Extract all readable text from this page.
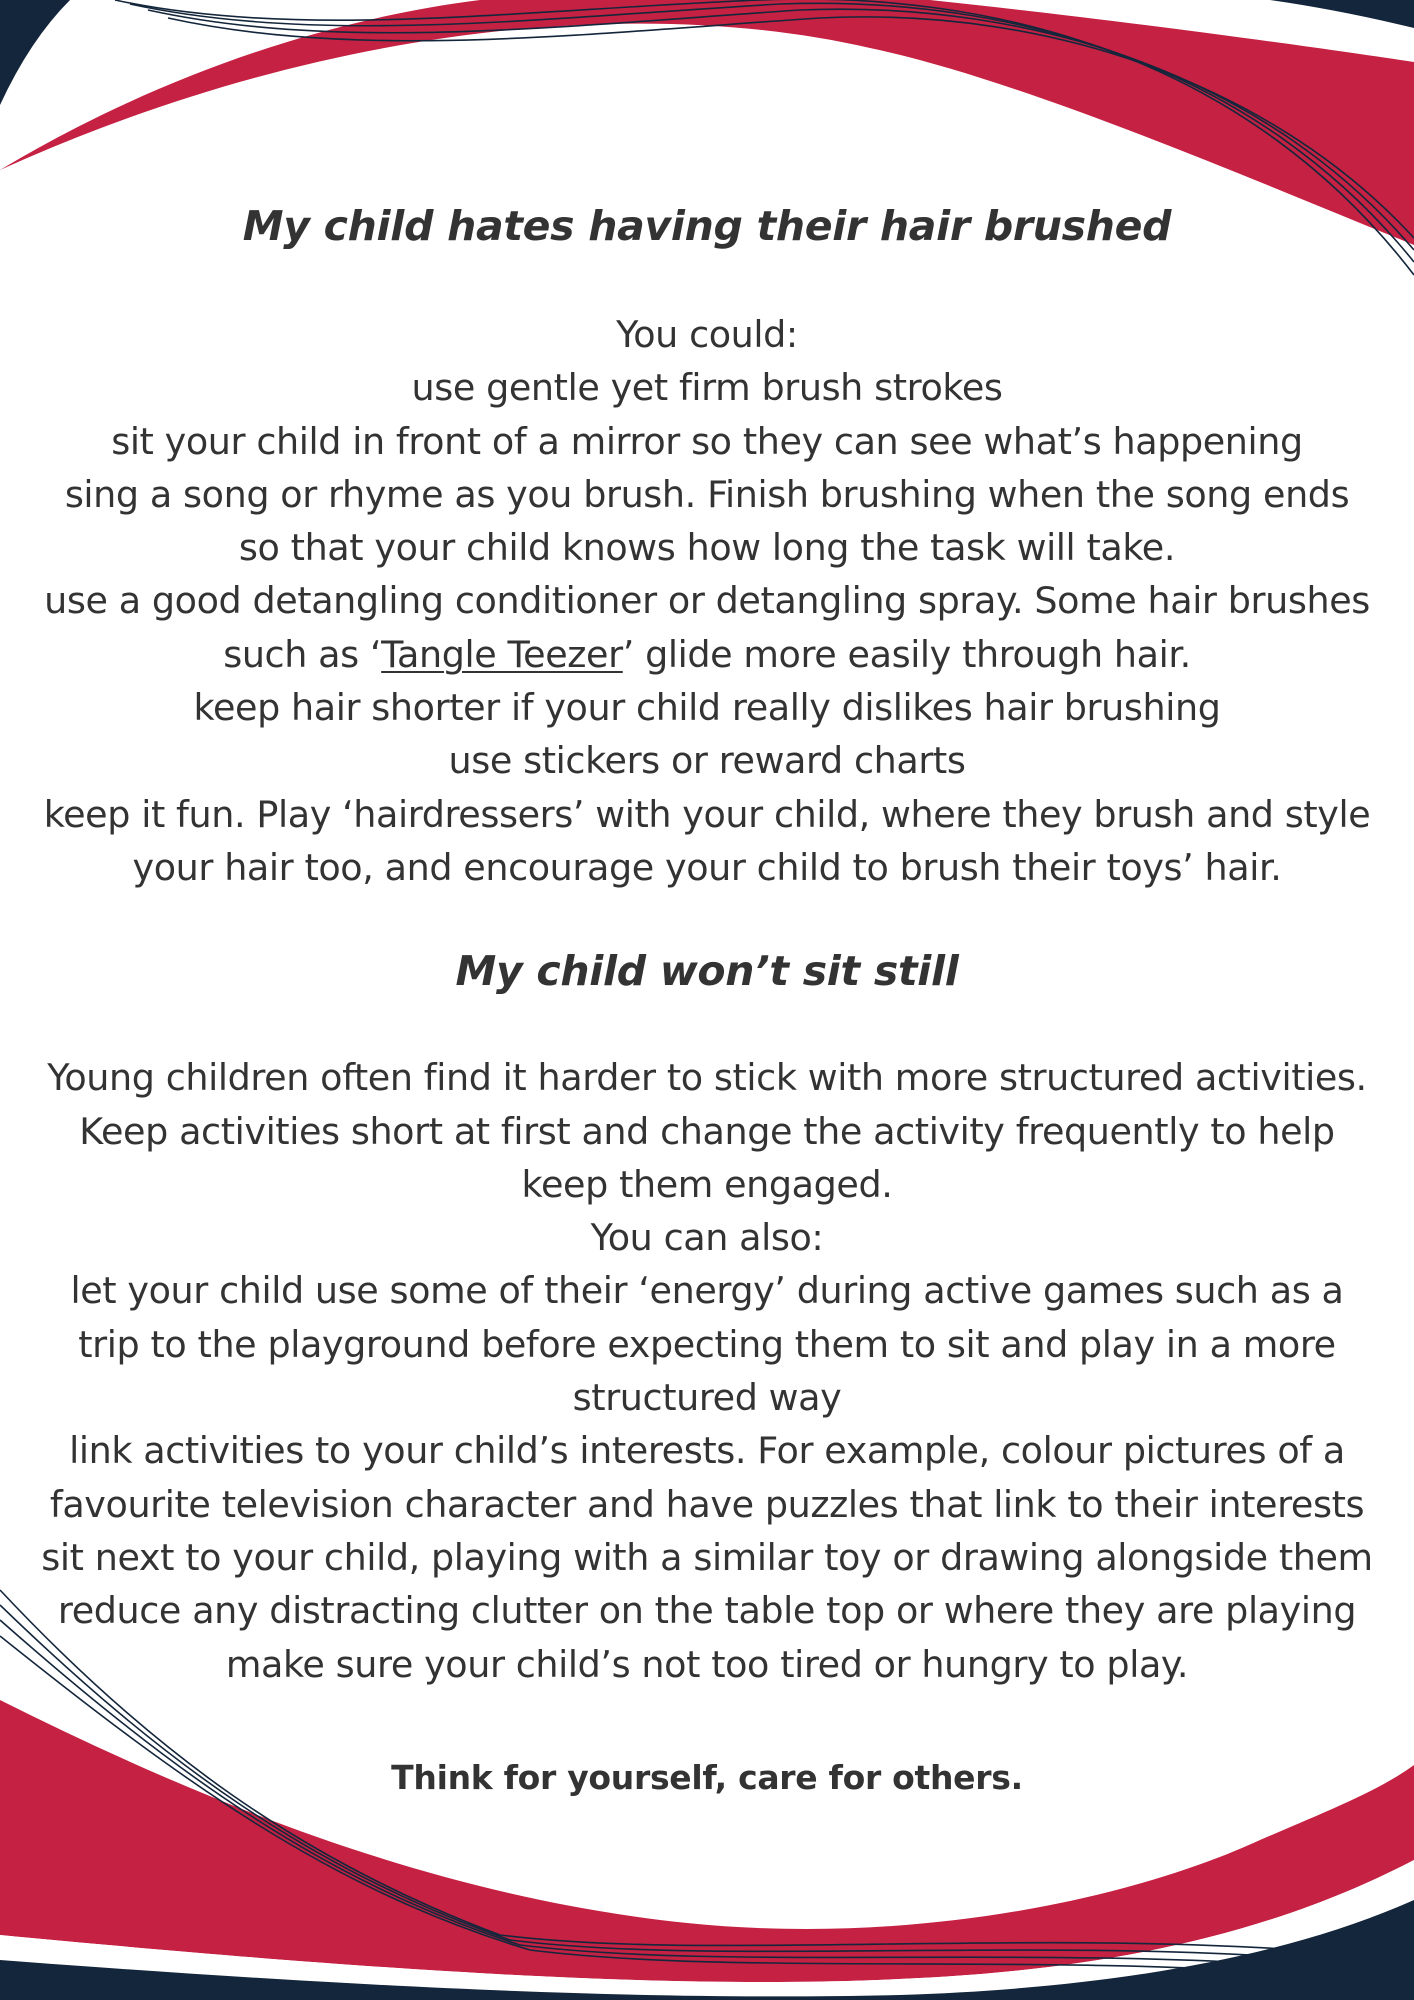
My child hates having their hair brushed
You could:
use gentle yet firm brush strokes
sit your child in front of a mirror so they can see what’s happening
sing a song or rhyme as you brush. Finish brushing when the song ends so that your child knows how long the task will take.
use a good detangling conditioner or detangling spray. Some hair brushes such as ‘Tangle Teezer’ glide more easily through hair.
keep hair shorter if your child really dislikes hair brushing
use stickers or reward charts
keep it fun. Play ‘hairdressers’ with your child, where they brush and style your hair too, and encourage your child to brush their toys’ hair.
My child won’t sit still
Young children often find it harder to stick with more structured activities. Keep activities short at first and change the activity frequently to help keep them engaged.
You can also:
let your child use some of their ‘energy’ during active games such as a trip to the playground before expecting them to sit and play in a more structured way
link activities to your child’s interests. For example, colour pictures of a favourite television character and have puzzles that link to their interests
sit next to your child, playing with a similar toy or drawing alongside them
reduce any distracting clutter on the table top or where they are playing
make sure your child’s not too tired or hungry to play.

Think for yourself, care for others.
